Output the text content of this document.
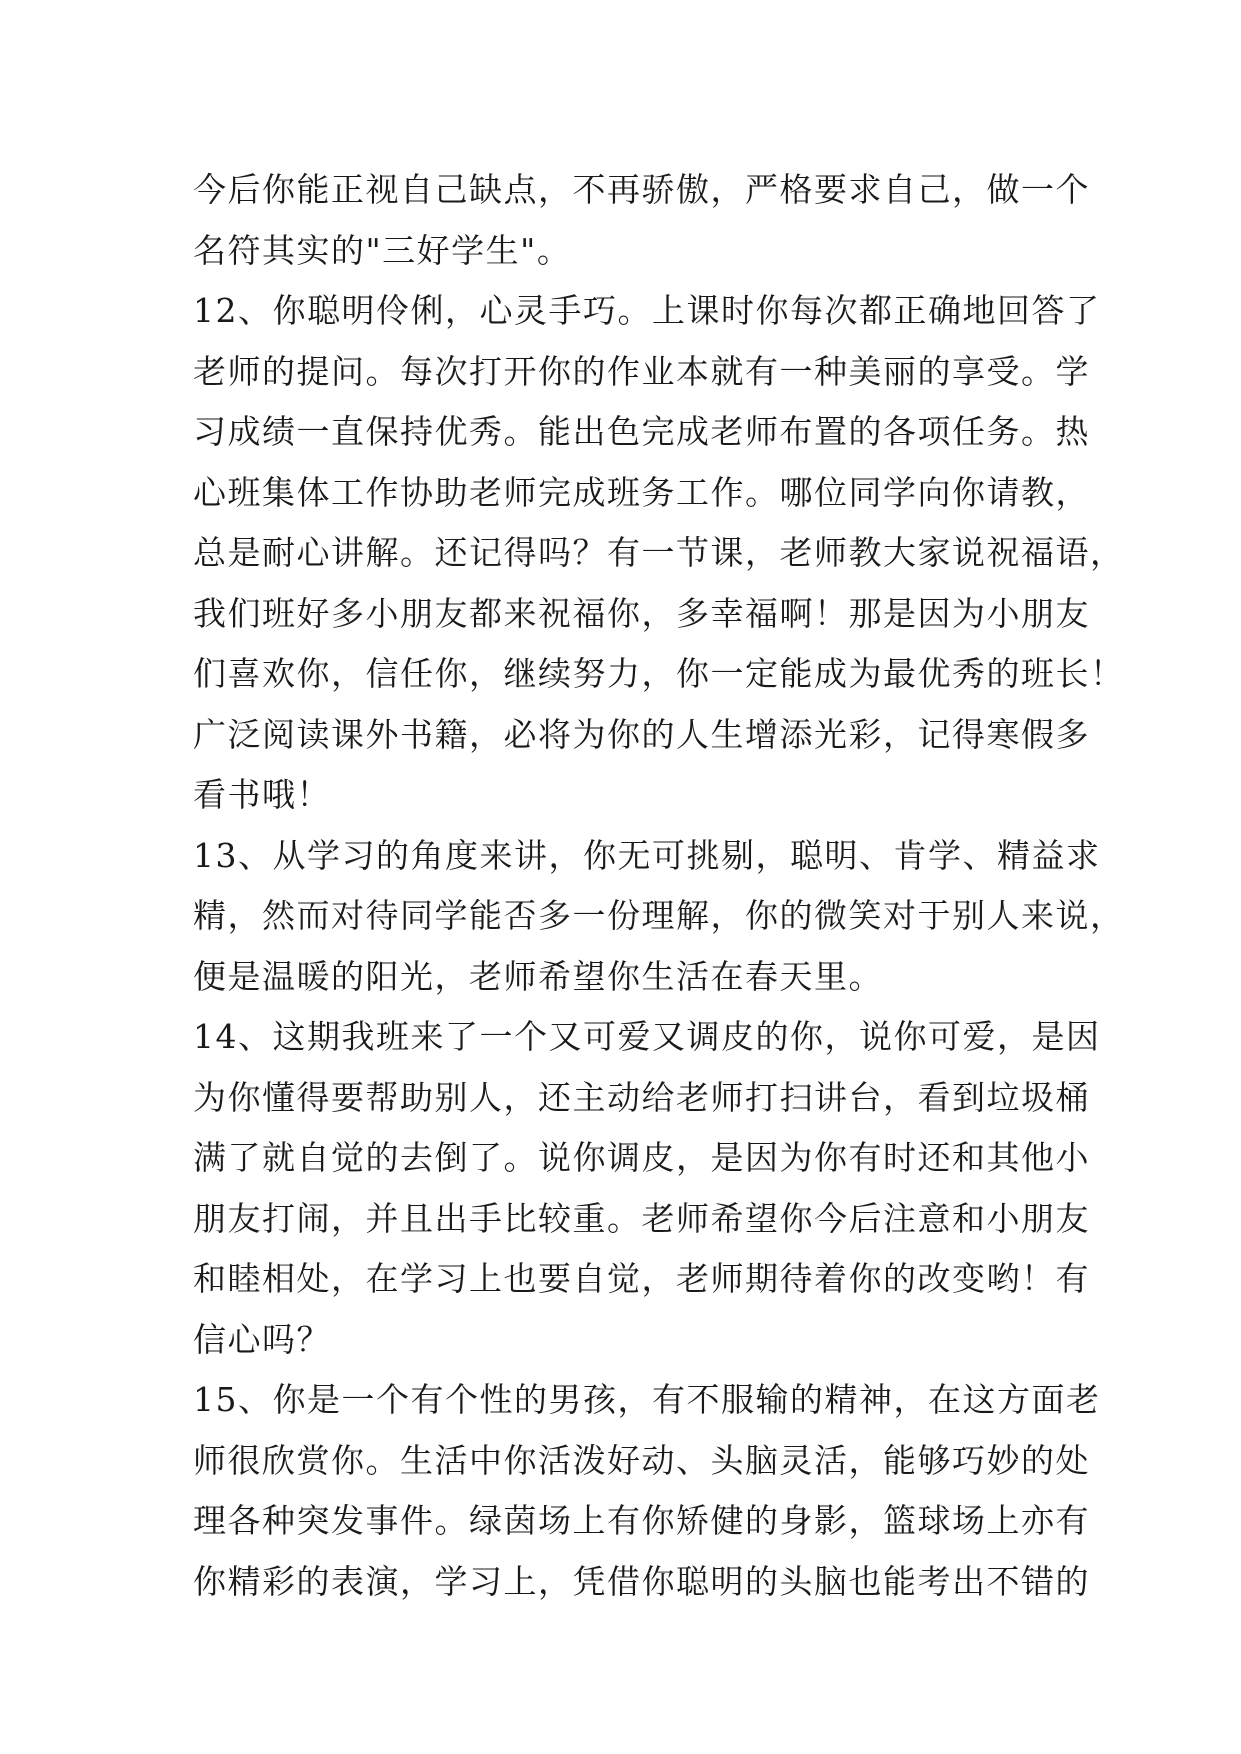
今后你能正视自己缺点，不再骄傲，严格要求自己，做一个
名符其实的"三好学生"。
12、你聪明伶俐，心灵手巧。上课时你每次都正确地回答了
老师的提问。每次打开你的作业本就有一种美丽的享受。学
习成绩一直保持优秀。能出色完成老师布置的各项任务。热
心班集体工作协助老师完成班务工作。哪位同学向你请教，
总是耐心讲解。还记得吗？有一节课，老师教大家说祝福语，
我们班好多小朋友都来祝福你，多幸福啊！那是因为小朋友
们喜欢你，信任你，继续努力，你一定能成为最优秀的班长！
广泛阅读课外书籍，必将为你的人生增添光彩，记得寒假多
看书哦！
13、从学习的角度来讲，你无可挑剔，聪明、肯学、精益求
精，然而对待同学能否多一份理解，你的微笑对于别人来说，
便是温暖的阳光，老师希望你生活在春天里。
14、这期我班来了一个又可爱又调皮的你，说你可爱，是因
为你懂得要帮助别人，还主动给老师打扫讲台，看到垃圾桶
满了就自觉的去倒了。说你调皮，是因为你有时还和其他小
朋友打闹，并且出手比较重。老师希望你今后注意和小朋友
和睦相处，在学习上也要自觉，老师期待着你的改变哟！有
信心吗？
15、你是一个有个性的男孩，有不服输的精神，在这方面老
师很欣赏你。生活中你活泼好动、头脑灵活，能够巧妙的处
理各种突发事件。绿茵场上有你矫健的身影，篮球场上亦有
你精彩的表演，学习上，凭借你聪明的头脑也能考出不错的
